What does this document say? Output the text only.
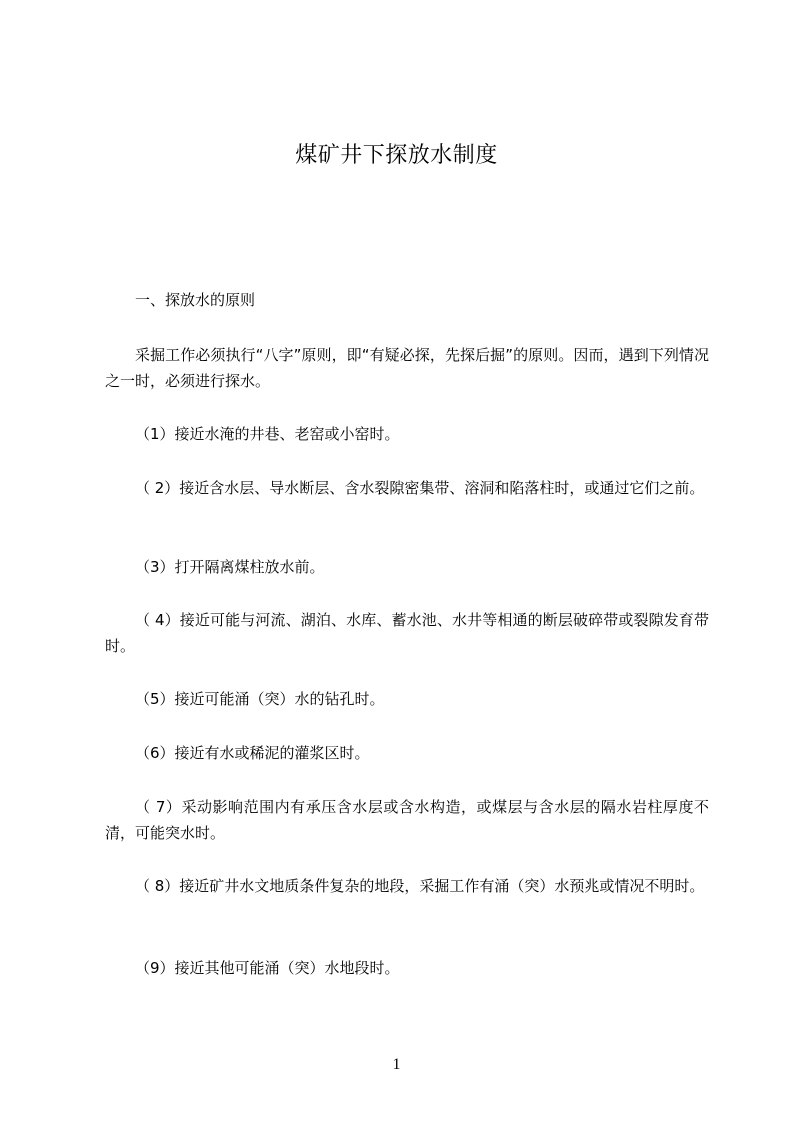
煤矿井下探放水制度

一、探放水的原则

采掘工作必须执行“八字”原则，即“有疑必探，先探后掘”的原则。因而，遇到下列情况之一时，必须进行探水。

（1）接近水淹的井巷、老窑或小窑时。

（ 2）接近含水层、导水断层、含水裂隙密集带、溶洞和陷落柱时，或通过它们之前。

（3）打开隔离煤柱放水前。

（ 4）接近可能与河流、湖泊、水库、蓄水池、水井等相通的断层破碎带或裂隙发育带时。

（5）接近可能涌（突）水的钻孔时。

（6）接近有水或稀泥的灌浆区时。

（ 7）采动影响范围内有承压含水层或含水构造，或煤层与含水层的隔水岩柱厚度不清，可能突水时。

（ 8）接近矿井水文地质条件复杂的地段，采掘工作有涌（突）水预兆或情况不明时。

（9）接近其他可能涌（突）水地段时。

1
